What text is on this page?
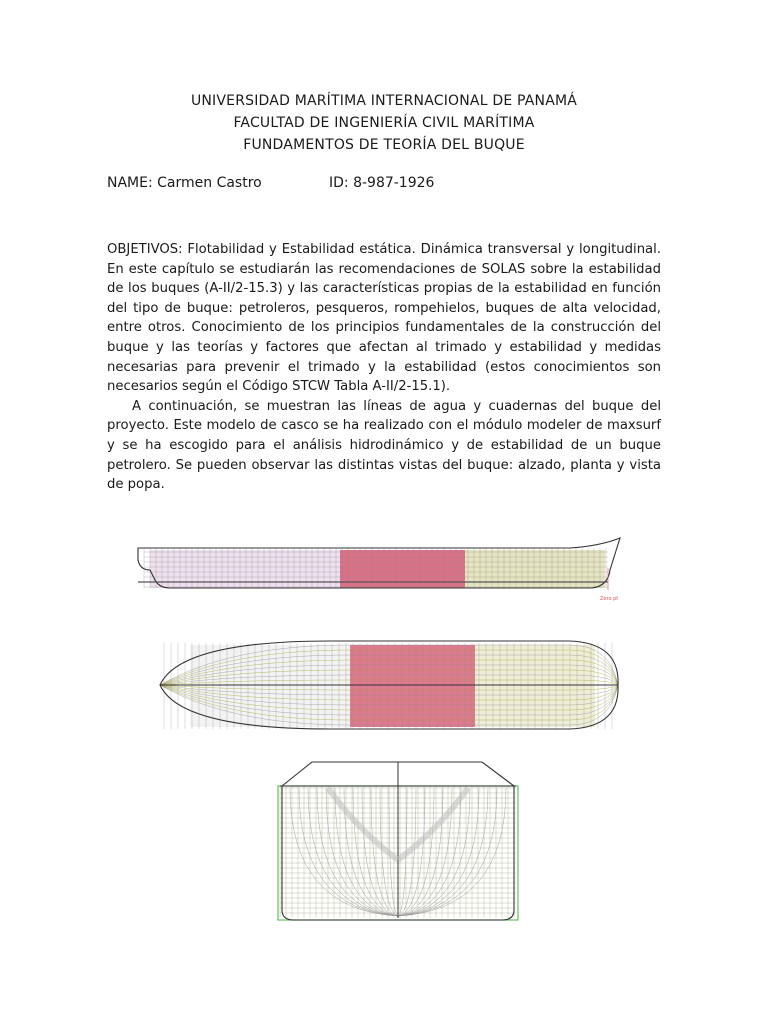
UNIVERSIDAD MARÍTIMA INTERNACIONAL DE PANAMÁ
FACULTAD DE INGENIERÍA CIVIL MARÍTIMA
FUNDAMENTOS DE TEORÍA DEL BUQUE
NAME: Carmen Castro	ID: 8-987-1926

OBJETIVOS: Flotabilidad y Estabilidad estática. Dinámica transversal y longitudinal. En este capítulo se estudiarán las recomendaciones de SOLAS sobre la estabilidad de los buques (A-II/2-15.3) y las características propias de la estabilidad en función del tipo de buque: petroleros, pesqueros, rompehielos, buques de alta velocidad, entre otros. Conocimiento de los principios fundamentales de la construcción del buque y las teorías y factores que afectan al trimado y estabilidad y medidas necesarias para prevenir el trimado y la estabilidad (estos conocimientos son necesarios según el Código STCW Tabla A-II/2-15.1).

A continuación, se muestran las líneas de agua y cuadernas del buque del proyecto. Este modelo de casco se ha realizado con el módulo modeler de maxsurf y se ha escogido para el análisis hidrodinámico y de estabilidad de un buque petrolero. Se pueden observar las distintas vistas del buque: alzado, planta y vista de popa.

Zero pt
